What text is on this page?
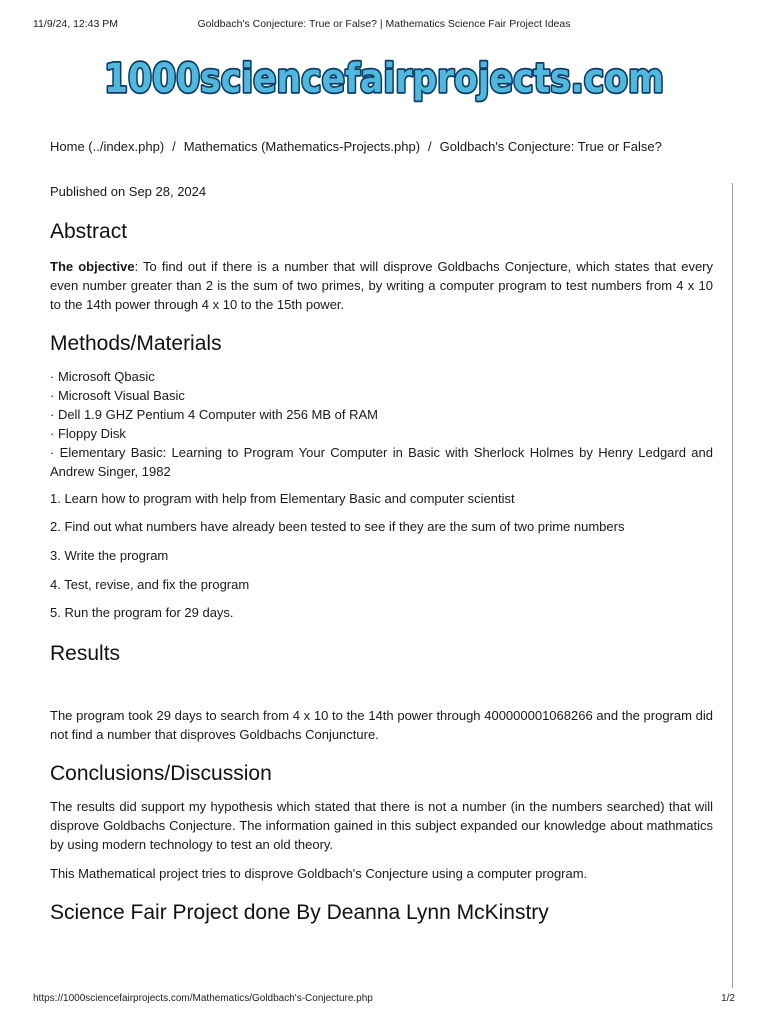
Goldbach's Conjecture: True or False? | Mathematics Science Fair Project Ideas
11/9/24, 12:43 PM
1000sciencefairprojects.com
Home (../index.php) / Mathematics (Mathematics-Projects.php) / Goldbach's Conjecture: True or False?
Published on Sep 28, 2024
Abstract

The objective: To find out if there is a number that will disprove Goldbachs Conjecture, which states that every even number greater than 2 is the sum of two primes, by writing a computer program to test numbers from 4 x 10 to the 14th power through 4 x 10 to the 15th power.

Methods/Materials
· Microsoft Qbasic
· Microsoft Visual Basic
· Dell 1.9 GHZ Pentium 4 Computer with 256 MB of RAM
· Floppy Disk
· Elementary Basic: Learning to Program Your Computer in Basic with Sherlock Holmes by Henry Ledgard and Andrew Singer, 1982
1. Learn how to program with help from Elementary Basic and computer scientist
2. Find out what numbers have already been tested to see if they are the sum of two prime numbers
3. Write the program
4. Test, revise, and fix the program
5. Run the program for 29 days.
Results

The program took 29 days to search from 4 x 10 to the 14th power through 400000001068266 and the program did not find a number that disproves Goldbachs Conjuncture.

Conclusions/Discussion

The results did support my hypothesis which stated that there is not a number (in the numbers searched) that will disprove Goldbachs Conjecture. The information gained in this subject expanded our knowledge about mathmatics by using modern technology to test an old theory.

This Mathematical project tries to disprove Goldbach's Conjecture using a computer program.

Science Fair Project done By Deanna Lynn McKinstry
https://1000sciencefairprojects.com/Mathematics/Goldbach's-Conjecture.php	1/2
